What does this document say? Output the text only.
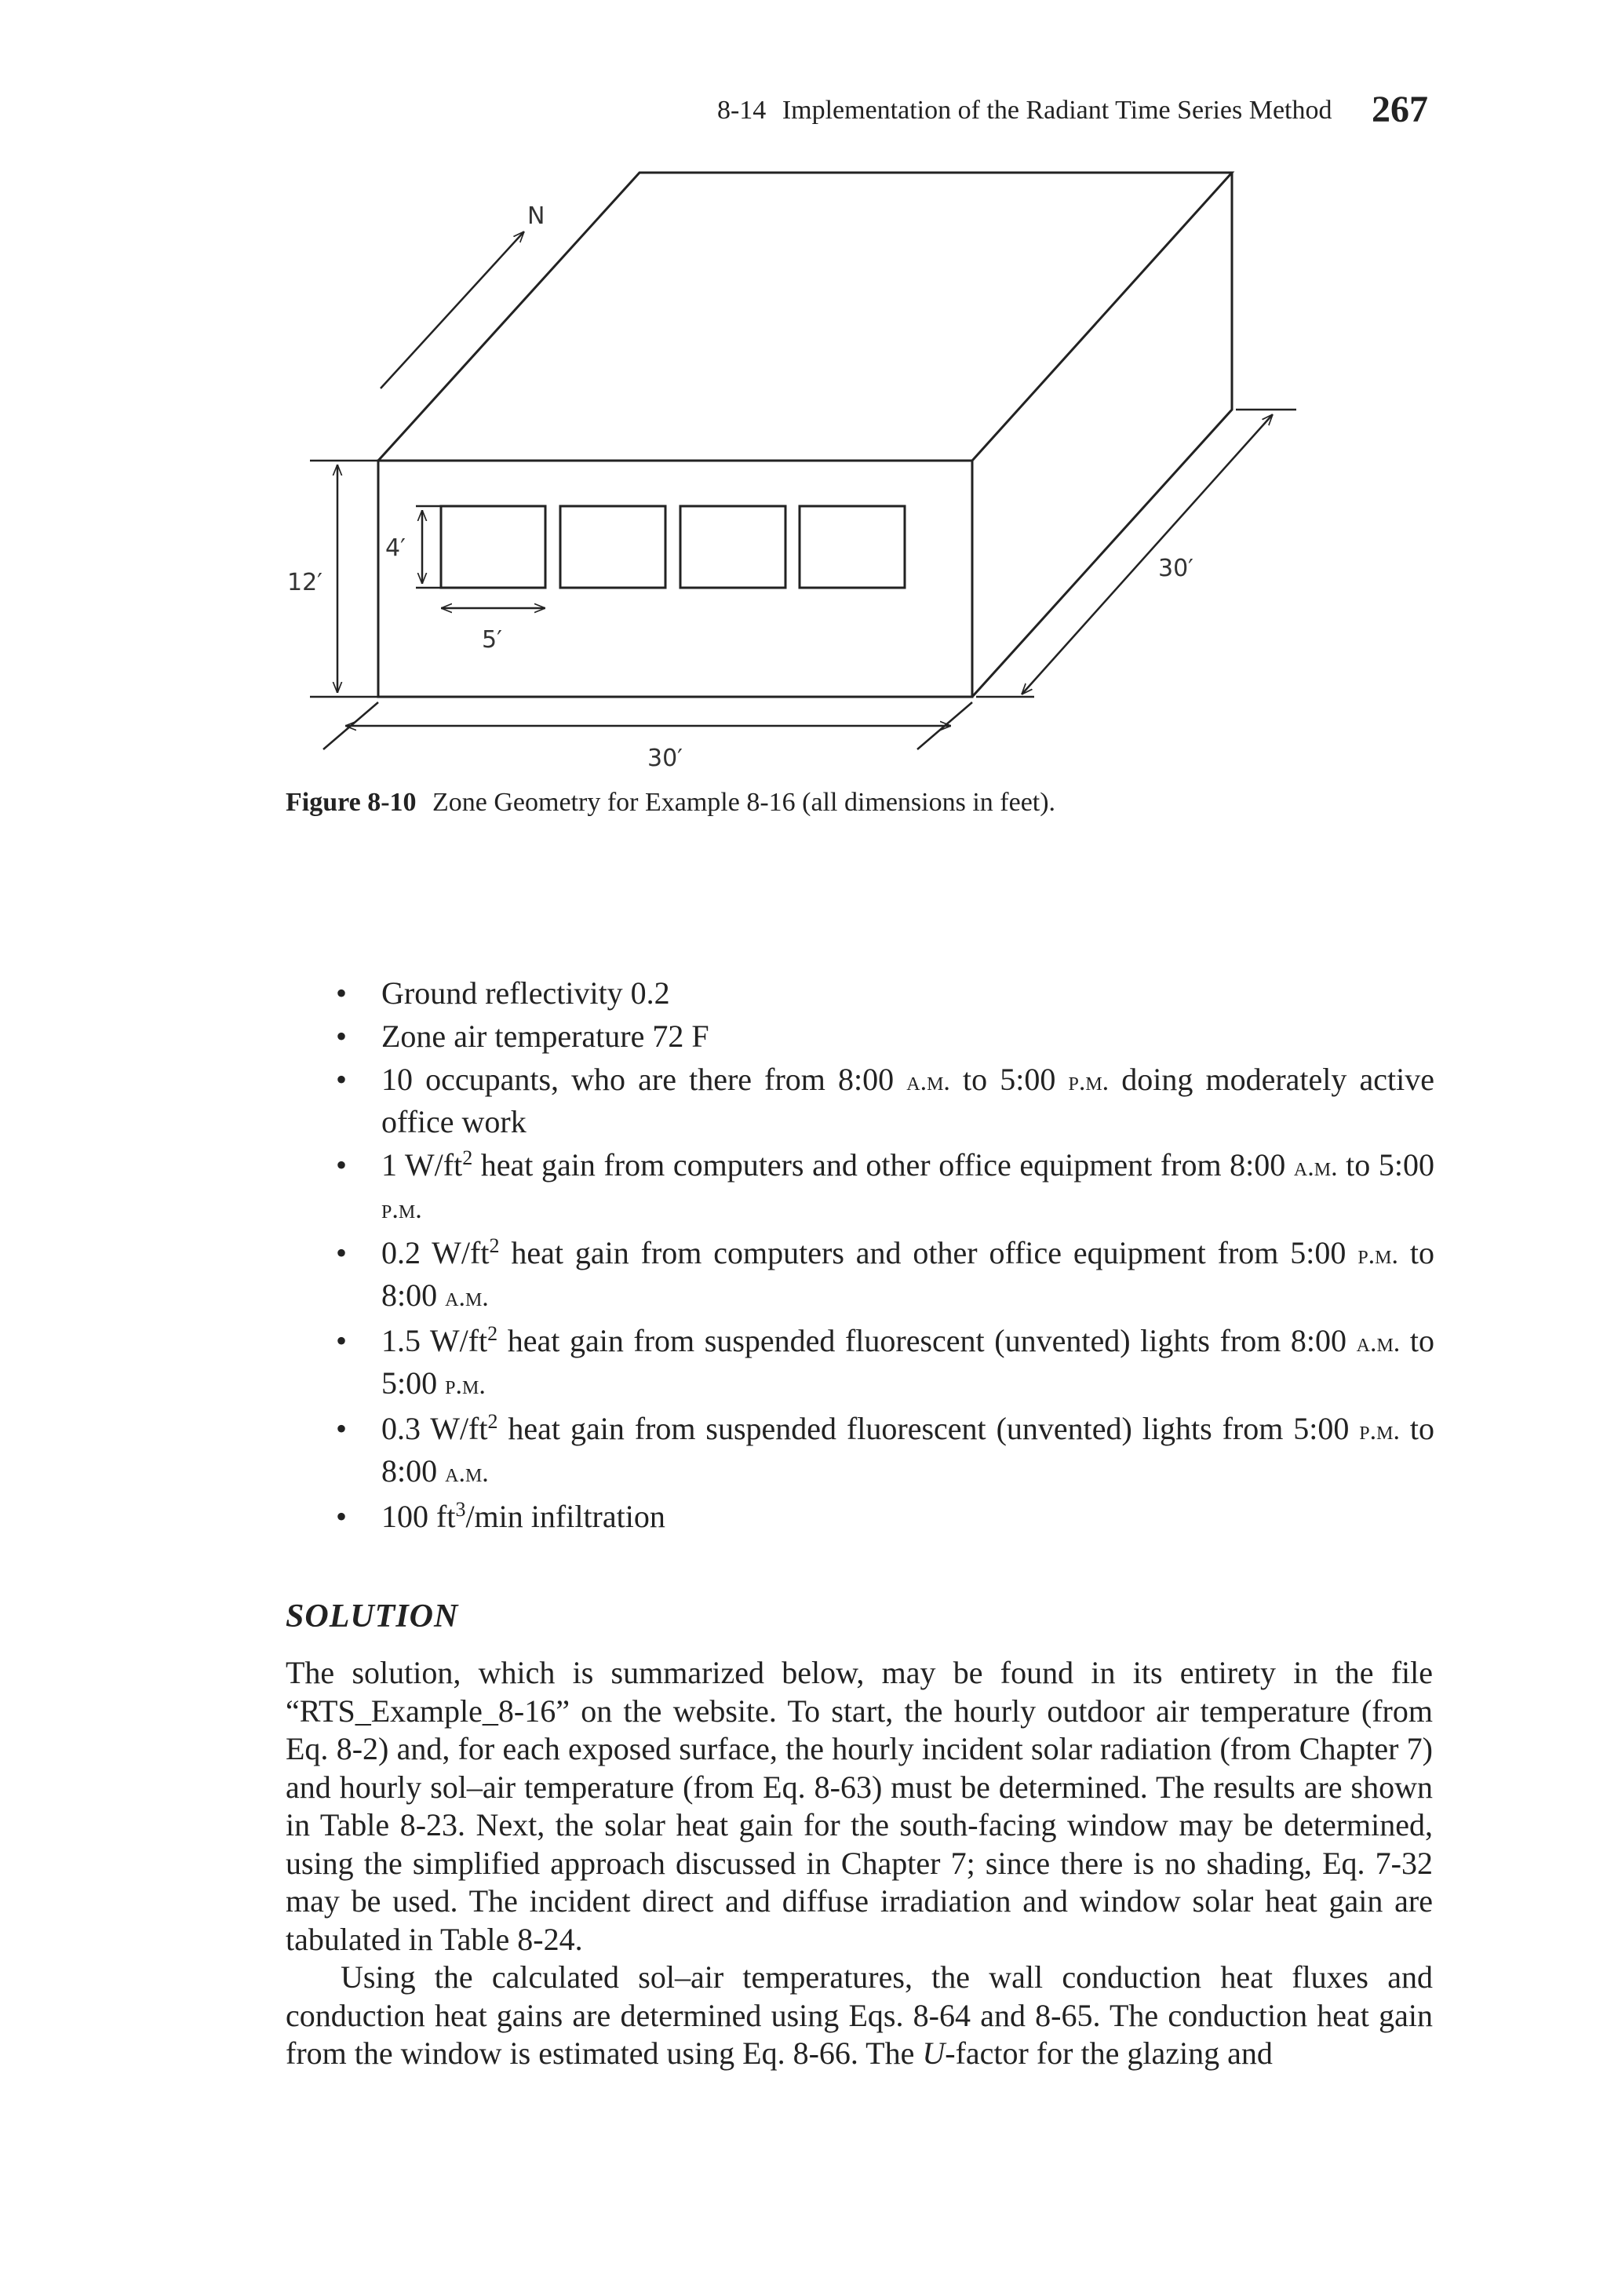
8-14 Implementation of the Radiant Time Series Method 267
N
12′
4′
5′
30′
30′
Figure 8-10 Zone Geometry for Example 8-16 (all dimensions in feet).
• Ground reflectivity 0.2
• Zone air temperature 72 F
• 10 occupants, who are there from 8:00 a.m. to 5:00 p.m. doing moderately active office work
• 1 $W/ft^2$ heat gain from computers and other office equipment from 8:00 a.m. to 5:00 p.m.
• 0.2 $W/ft^2$ heat gain from computers and other office equipment from 5:00 p.m. to 8:00 a.m.
• 1.5 $W/ft^2$ heat gain from suspended fluorescent (unvented) lights from 8:00 a.m. to 5:00 p.m.
• 0.3 $W/ft^2$ heat gain from suspended fluorescent (unvented) lights from 5:00 p.m. to 8:00 a.m.
• 100 $ft^3/\min$ infiltration
SOLUTION

The solution, which is summarized below, may be found in its entirety in the file “RTS_Example_8-16” on the website. To start, the hourly outdoor air temperature (from Eq. 8-2) and, for each exposed surface, the hourly incident solar radiation (from Chapter 7) and hourly sol–air temperature (from Eq. 8-63) must be determined. The results are shown in Table 8-23. Next, the solar heat gain for the south-facing window may be determined, using the simplified approach discussed in Chapter 7; since there is no shading, Eq. 7-32 may be used. The incident direct and diffuse irradiation and window solar heat gain are tabulated in Table 8-24.

Using the calculated sol–air temperatures, the wall conduction heat fluxes and conduction heat gains are determined using Eqs. 8-64 and 8-65. The conduction heat gain from the window is estimated using Eq. 8-66. The U-factor for the glazing and
